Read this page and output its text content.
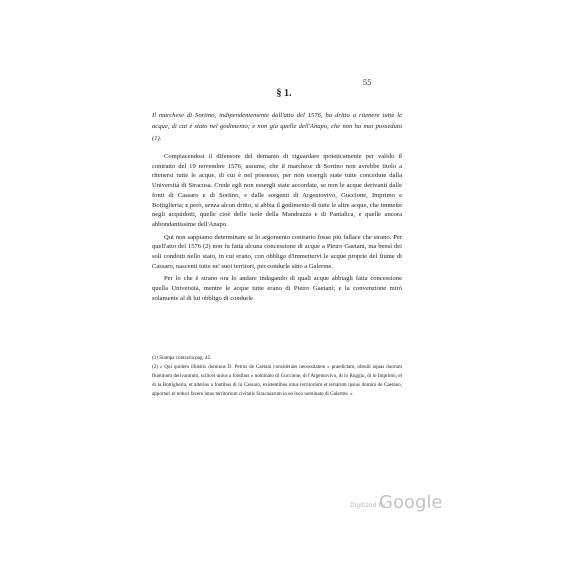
55
§ 1.
Il marchese di Sortino, indipendentemente dall'atto del 1576, ha dritto a ritenere tutte le acque, di cui è stato nel godimento; e non già quelle dell'Anapo, che non ha mai posseduto (1).

Compiacendosi il difensore del demanio di riguardare ipoteticamente per valido il contratto del 19 novembre 1576, assume, che il marchese di Sortino non avrebbe titolo a ritenersi tutte le acque, di cui è nel possesso, per non essergli state tutte concedute dalla Università di Siracusa. Crede egli non essergli state accordate, se non le acque derivanti dalle fonti di Cassaro e di Sortino, e dalle sorgenti di Argentovivo, Guccione, Imprimo e Bottiglieria; e però, senza alcun dritto, si abbia il godimento di tutte le altre acque, che immette negli acquidotti, quelle cioè delle isole della Mandrazza e di Pantalica, e quelle ancora abbondantissime dell'Anapo.

Qui non sappiamo determinare se lo argomento contrario fosse più fallace che strano. Per quell'atto del 1576 (2) non fu fatta alcuna concessione di acque a Pietro Gaetani, ma bensì dei soli condotti nello stato, in cui erano, con obbligo d'immettervi le acque proprie del fiume di Cassaro, nascenti tutte ne' suoi territori, per condurle sino a Galerme.

Per lo che è strano ora lo andare indagando di quali acque abbiagli fatta concessione quella Università, mentre le acque tutte erano di Pietro Gaetani; e la convenzione mirò solamente al di lui obbligo di condurle

(1) Stampa contraria pag. 45.

(2) « Qui quidem illustris dominus D. Petrus de Caetani considerans necessitatem » praedictam, obtulit aquas duorum fluminum derivantium, scilicet unius a fontibus » nominato di Guccione, di l'Argentovivo, di lo Ruggio, di lo Imprimo, et di la Bottiglieria, et alterius a fontibus di lo Cassaro, existentibus intus territorium et terrarum ipsius domini de Caetano, apportari et reduci facere intus territorium civitatis Siracusarum in eo loco nominato di Galerme. »

Digitized by
Google
